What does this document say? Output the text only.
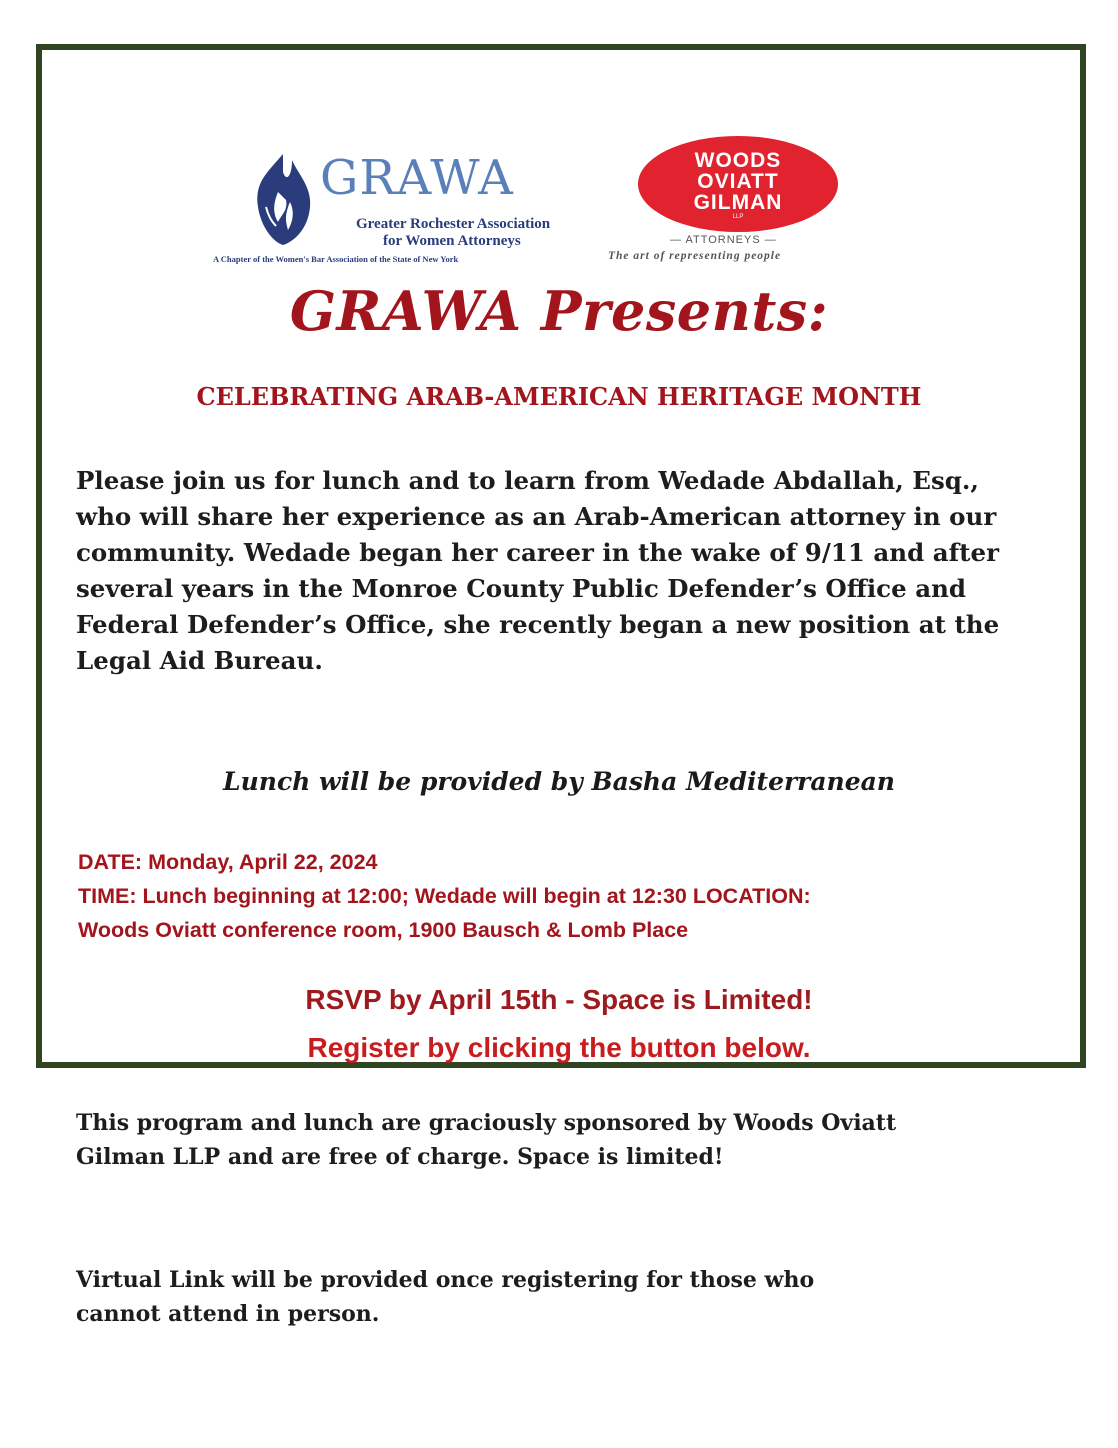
GRAWA
Greater Rochester Association
for Women Attorneys
A Chapter of the Women's Bar Association of the State of New York
WOODS
OVIATT
GILMAN
LLP
— ATTORNEYS —
The art of representing people
GRAWA Presents:
CELEBRATING ARAB-AMERICAN HERITAGE MONTH
Please join us for lunch and to learn from Wedade Abdallah, Esq.,
who will share her experience as an Arab-American attorney in our
community. Wedade began her career in the wake of 9/11 and after
several years in the Monroe County Public Defender’s Office and
Federal Defender’s Office, she recently began a new position at the
Legal Aid Bureau.
Lunch will be provided by Basha Mediterranean
DATE: Monday, April 22, 2024
TIME: Lunch beginning at 12:00; Wedade will begin at 12:30 LOCATION:
Woods Oviatt conference room, 1900 Bausch & Lomb Place
RSVP by April 15th - Space is Limited!
Register by clicking the button below.
This program and lunch are graciously sponsored by Woods Oviatt
Gilman LLP and are free of charge. Space is limited!
Virtual Link will be provided once registering for those who
cannot attend in person.
